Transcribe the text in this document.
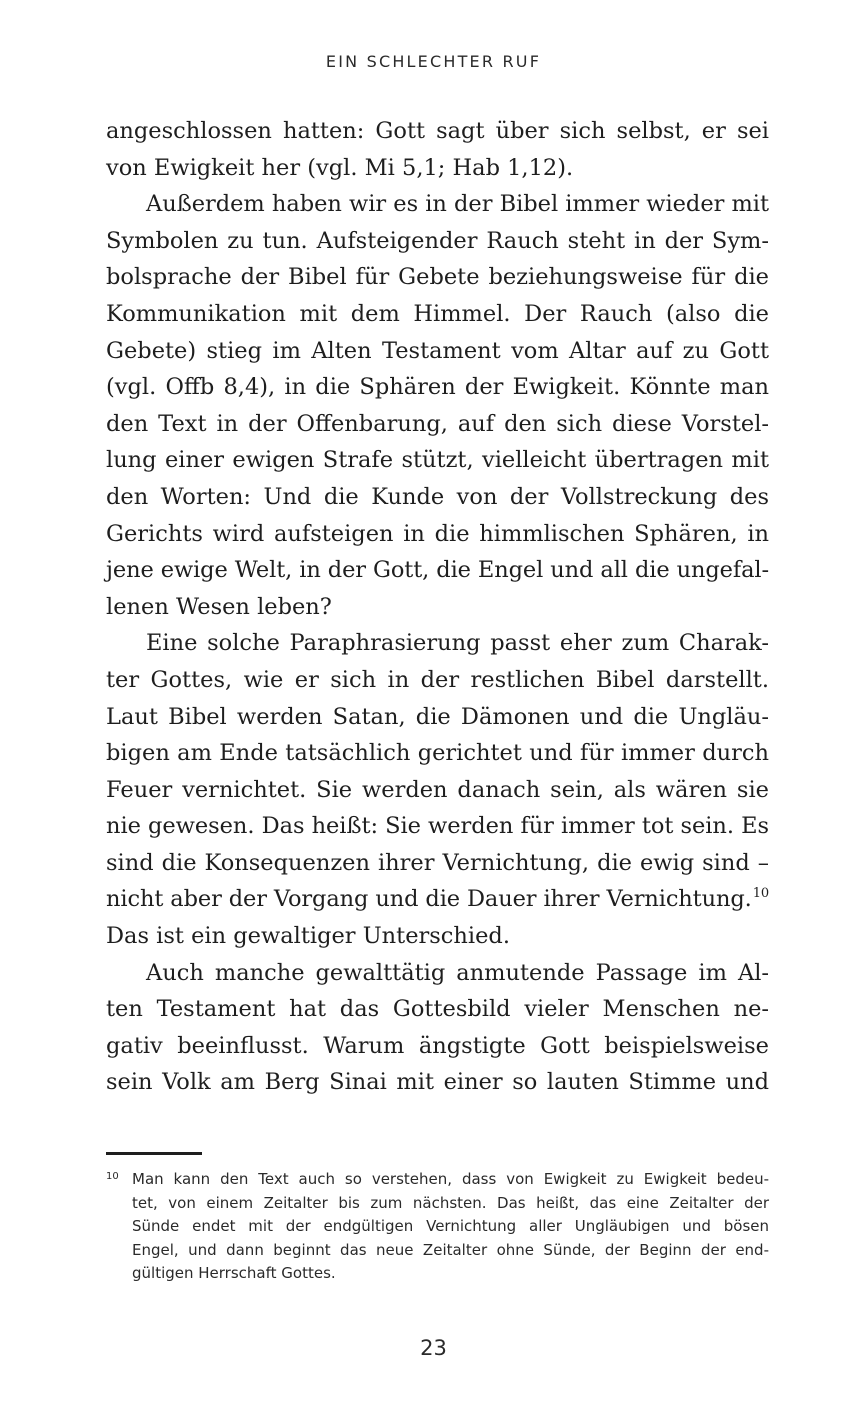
EIN SCHLECHTER RUF
angeschlossen hatten: Gott sagt über sich selbst, er sei
von Ewigkeit her (vgl. Mi 5,1; Hab 1,12).
Außerdem haben wir es in der Bibel immer wieder mit
Symbolen zu tun. Aufsteigender Rauch steht in der Sym-
bolsprache der Bibel für Gebete beziehungsweise für die
Kommunikation mit dem Himmel. Der Rauch (also die
Gebete) stieg im Alten Testament vom Altar auf zu Gott
(vgl. Offb 8,4), in die Sphären der Ewigkeit. Könnte man
den Text in der Offenbarung, auf den sich diese Vorstel-
lung einer ewigen Strafe stützt, vielleicht übertragen mit
den Worten: Und die Kunde von der Vollstreckung des
Gerichts wird aufsteigen in die himmlischen Sphären, in
jene ewige Welt, in der Gott, die Engel und all die ungefal-
lenen Wesen leben?
Eine solche Paraphrasierung passt eher zum Charak-
ter Gottes, wie er sich in der restlichen Bibel darstellt.
Laut Bibel werden Satan, die Dämonen und die Ungläu-
bigen am Ende tatsächlich gerichtet und für immer durch
Feuer vernichtet. Sie werden danach sein, als wären sie
nie gewesen. Das heißt: Sie werden für immer tot sein. Es
sind die Konsequenzen ihrer Vernichtung, die ewig sind –
nicht aber der Vorgang und die Dauer ihrer Vernichtung.$^{10}$
Das ist ein gewaltiger Unterschied.
Auch manche gewalttätig anmutende Passage im Al-
ten Testament hat das Gottesbild vieler Menschen ne-
gativ beeinflusst. Warum ängstigte Gott beispielsweise
sein Volk am Berg Sinai mit einer so lauten Stimme und
10 Man kann den Text auch so verstehen, dass von Ewigkeit zu Ewigkeit bedeu-
tet, von einem Zeitalter bis zum nächsten. Das heißt, das eine Zeitalter der
Sünde endet mit der endgültigen Vernichtung aller Ungläubigen und bösen
Engel, und dann beginnt das neue Zeitalter ohne Sünde, der Beginn der end-
gültigen Herrschaft Gottes.
23
